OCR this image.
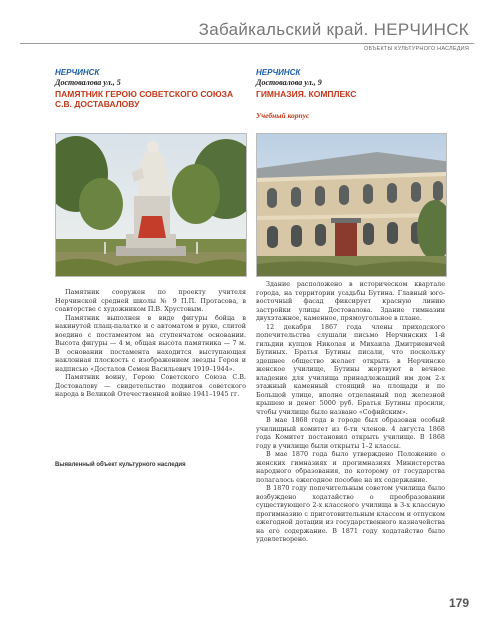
Забайкальский край. НЕРЧИНСК
ОБЪЕКТЫ КУЛЬТУРНОГО НАСЛЕДИЯ
НЕРЧИНСК
Достовалова ул., 5
ПАМЯТНИК ГЕРОЮ СОВЕТСКОГО СОЮЗА С.В. ДОСТАВАЛОВУ
НЕРЧИНСК
Достовалова ул., 9
ГИМНАЗИЯ. КОМПЛЕКС
Учебный корпус

Памятник сооружен по проекту учителя Нерчинской средней школы № 9 П.П. Протасова, в соавторстве с художником П.В. Хрустовым.

Памятник выполнен в виде фигуры бойца в накинутой плащ-палатке и с автоматом в руке, слитой воедино с постаментом на ступенчатом основании. Высота фигуры — 4 м, общая высота памятника — 7 м. В основании постамента находится выступающая наклонная плоскость с изображением звезды Героя и надписью «Досталов Семен Васильевич 1919–1944».

Памятник воину, Герою Советского Союза С.В. Достовалову — свидетельство подвигов советского народа в Великой Отечественной войне 1941–1945 гг.

Выявленный объект культурного наследия

Здание расположено в историческом квартале города, на территории усадьбы Бутина. Главный юго-восточный фасад фиксирует красную линию застройки улицы Достовалова. Здание гимназии двухэтажное, каменное, прямоугольное в плане.

12 декабря 1867 года члены приходского попечительства слушали письмо Нерчинских 1-й гильдии купцов Николая и Михаила Дмитриевичей Бутиных. Братья Бутины писали, что поскольку здешнее общество желает открыть в Нерчинске женское училище, Бутины жертвуют в вечное владение для училища принадлежащий им дом 2-х этажный каменный стоящий на площади и по Большой улице, вполне отделанный под железной крышею и денег 5000 руб. Братья Бутины просили, чтобы училище было названо «Софийским».

В мае 1868 года в городе был образован особый училищный комитет из 6-ти членов. 4 августа 1868 года Комитет постановил открыть училище. В 1868 году в училище были открыты 1–2 классы.

В мае 1870 года было утверждено Положение о женских гимназиях и прогимназиях Министерства народного образования, по которому от государства полагалось ежегодное пособие на их содержание.

В 1870 году попечительным советом училища было возбуждено ходатайство о преобразовании существующего 2-х классного училища в 3-х классную прогимназию с приготовительным классом и отпуском ежегодной дотации из государственного казначейства на его содержание. В 1871 году ходатайство было удовлетворено.

179
